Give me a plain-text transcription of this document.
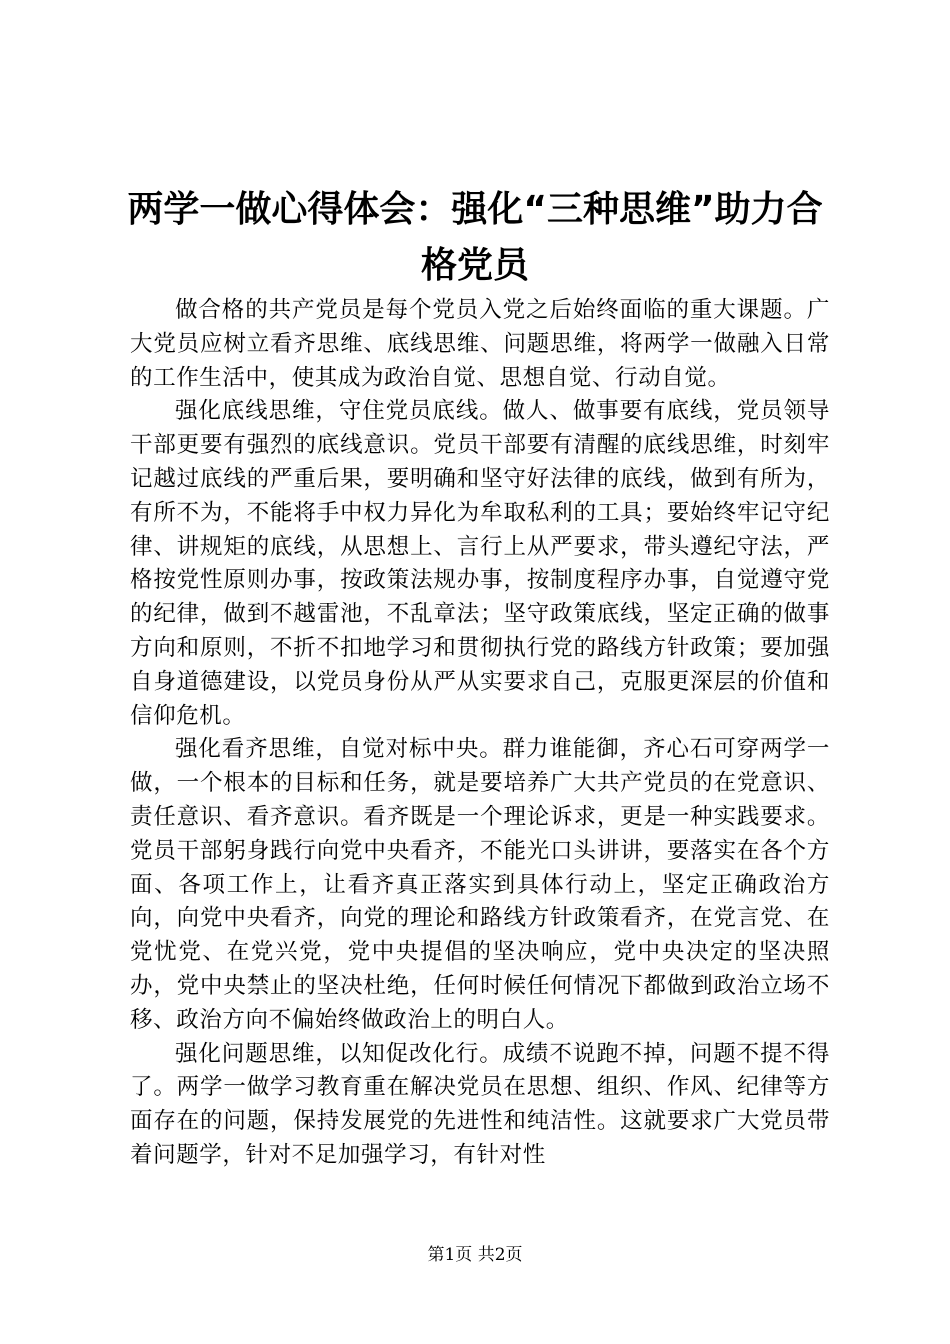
两学一做心得体会：强化“三种思维”助力合
格党员

做合格的共产党员是每个党员入党之后始终面临的重大课题。广大党员应树立看齐思维、底线思维、问题思维，将两学一做融入日常的工作生活中，使其成为政治自觉、思想自觉、行动自觉。

强化底线思维，守住党员底线。做人、做事要有底线，党员领导干部更要有强烈的底线意识。党员干部要有清醒的底线思维，时刻牢记越过底线的严重后果，要明确和坚守好法律的底线，做到有所为，有所不为，不能将手中权力异化为牟取私利的工具；要始终牢记守纪律、讲规矩的底线，从思想上、言行上从严要求，带头遵纪守法，严格按党性原则办事，按政策法规办事，按制度程序办事，自觉遵守党的纪律，做到不越雷池，不乱章法；坚守政策底线，坚定正确的做事方向和原则，不折不扣地学习和贯彻执行党的路线方针政策；要加强自身道德建设，以党员身份从严从实要求自己，克服更深层的价值和信仰危机。

强化看齐思维，自觉对标中央。群力谁能御，齐心石可穿两学一做，一个根本的目标和任务，就是要培养广大共产党员的在党意识、责任意识、看齐意识。看齐既是一个理论诉求，更是一种实践要求。党员干部躬身践行向党中央看齐，不能光口头讲讲，要落实在各个方面、各项工作上，让看齐真正落实到具体行动上，坚定正确政治方向，向党中央看齐，向党的理论和路线方针政策看齐，在党言党、在党忧党、在党兴党，党中央提倡的坚决响应，党中央决定的坚决照办，党中央禁止的坚决杜绝，任何时候任何情况下都做到政治立场不移、政治方向不偏始终做政治上的明白人。

强化问题思维，以知促改化行。成绩不说跑不掉，问题不提不得了。两学一做学习教育重在解决党员在思想、组织、作风、纪律等方面存在的问题，保持发展党的先进性和纯洁性。这就要求广大党员带着问题学，针对不足加强学习，有针对性

第1页 共2页
